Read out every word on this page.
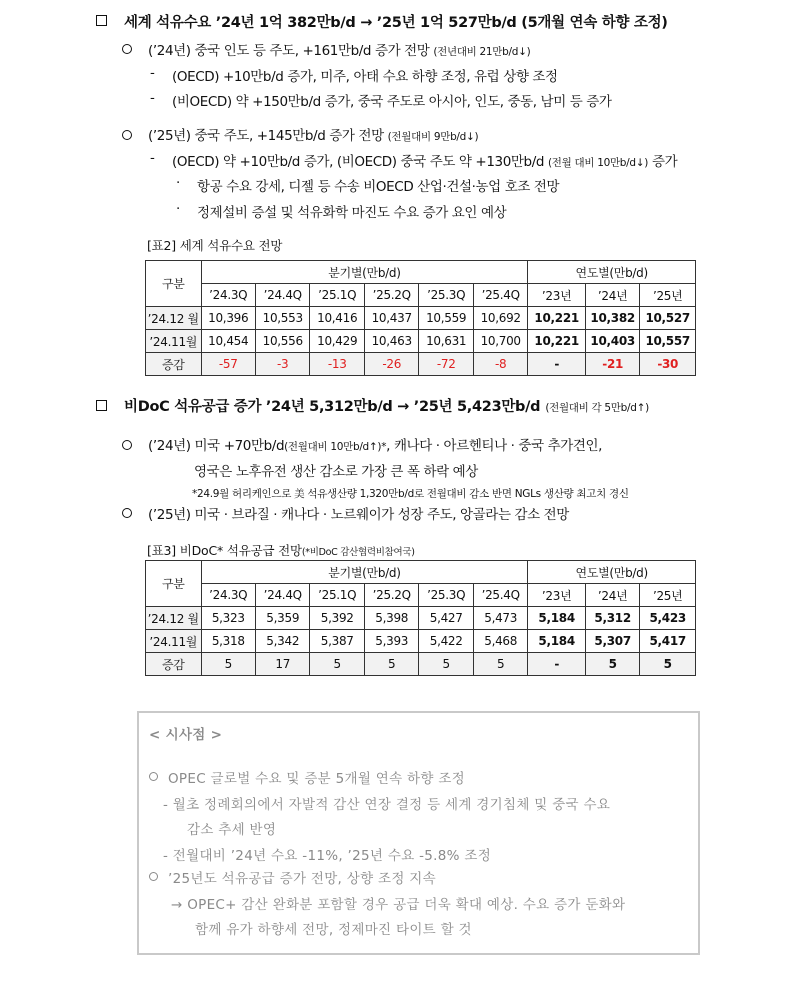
세계 석유수요 ’24년 1억 382만b/d → ’25년 1억 527만b/d (5개월 연속 하향 조정)
(’24년) 중국 인도 등 주도, +161만b/d 증가 전망 (전년대비 21만b/d↓)
- (OECD) +10만b/d 증가, 미주, 아태 수요 하향 조정, 유럽 상향 조정
- (비OECD) 약 +150만b/d 증가, 중국 주도로 아시아, 인도, 중동, 남미 등 증가
(’25년) 중국 주도, +145만b/d 증가 전망 (전월대비 9만b/d↓)
- (OECD) 약 +10만b/d 증가, (비OECD) 중국 주도 약 +130만b/d (전월 대비 10만b/d↓) 증가
· 항공 수요 강세, 디젤 등 수송 비OECD 산업·건설·농업 호조 전망
· 정제설비 증설 및 석유화학 마진도 수요 증가 요인 예상
[표2] 세계 석유수요 전망
구분	분기별(만b/d)						연도별(만b/d)		
	’24.3Q	’24.4Q	’25.1Q	’25.2Q	’25.3Q	’25.4Q	’23년	’24년	’25년
’24.12 월	10,396	10,553	10,416	10,437	10,559	10,692	10,221	10,382	10,527
’24.11월	10,454	10,556	10,429	10,463	10,631	10,700	10,221	10,403	10,557
증감	-57	-3	-13	-26	-72	-8	-	-21	-30
비DoC 석유공급 증가 ’24년 5,312만b/d → ’25년 5,423만b/d (전월대비 각 5만b/d↑)
(’24년) 미국 +70만b/d(전월대비 10만b/d↑)*, 캐나다 · 아르헨티나 · 중국 추가견인,
영국은 노후유전 생산 감소로 가장 큰 폭 하락 예상
*24.9월 허리케인으로 美 석유생산량 1,320만b/d로 전월대비 감소 반면 NGLs 생산량 최고치 경신
(’25년) 미국 · 브라질 · 캐나다 · 노르웨이가 성장 주도, 앙골라는 감소 전망
[표3] 비DoC* 석유공급 전망(*비DoC 감산협력비참여국)
구분	분기별(만b/d)						연도별(만b/d)		
	’24.3Q	’24.4Q	’25.1Q	’25.2Q	’25.3Q	’25.4Q	’23년	’24년	’25년
’24.12 월	5,323	5,359	5,392	5,398	5,427	5,473	5,184	5,312	5,423
’24.11월	5,318	5,342	5,387	5,393	5,422	5,468	5,184	5,307	5,417
증감	5	17	5	5	5	5	-	5	5
< 시사점 >
OPEC 글로벌 수요 및 증분 5개월 연속 하향 조정
- 월초 정례회의에서 자발적 감산 연장 결정 등 세계 경기침체 및 중국 수요
감소 추세 반영
- 전월대비 ’24년 수요 -11%, ’25년 수요 -5.8% 조정
’25년도 석유공급 증가 전망, 상향 조정 지속
→ OPEC+ 감산 완화분 포함할 경우 공급 더욱 확대 예상. 수요 증가 둔화와
함께 유가 하향세 전망, 정제마진 타이트 할 것
